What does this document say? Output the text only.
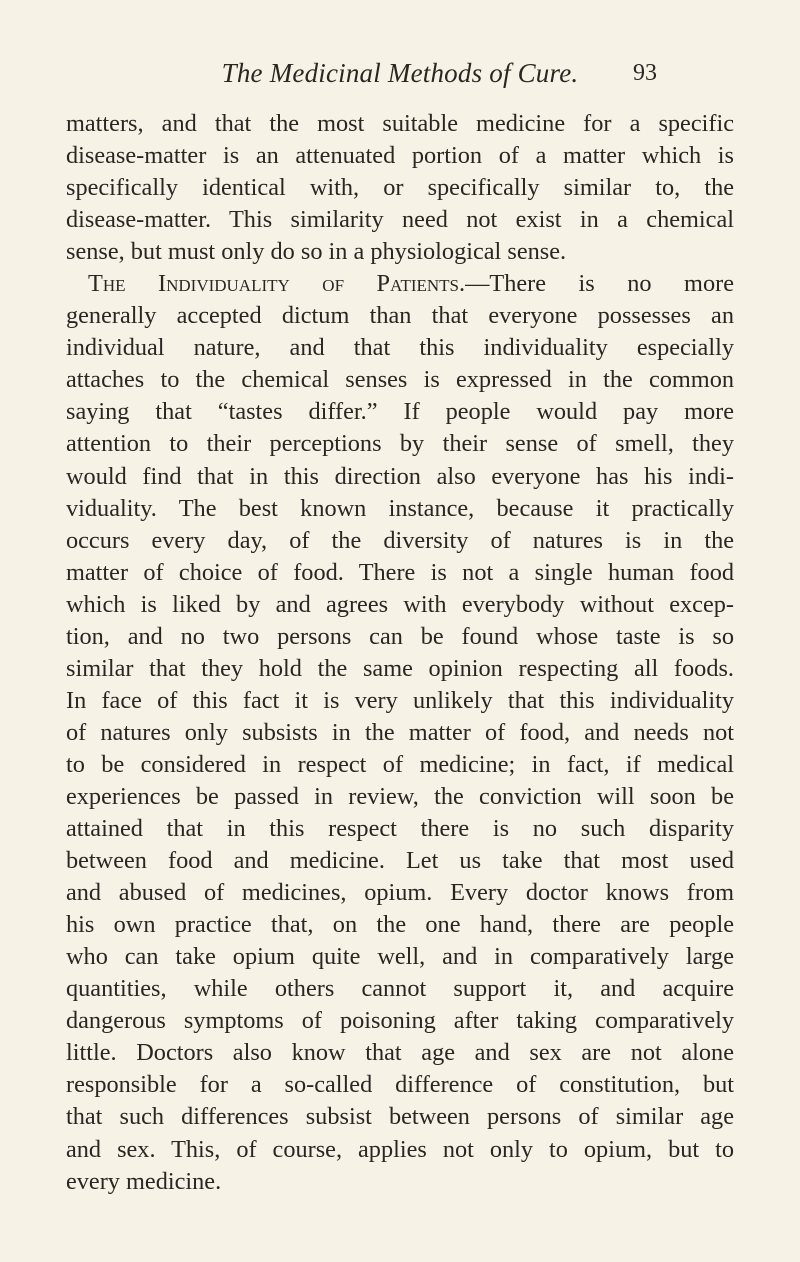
The Medicinal Methods of Cure.	93
matters, and that the most suitable medicine for a specific
disease-matter is an attenuated portion of a matter which is
specifically identical with, or specifically similar to, the
disease-matter. This similarity need not exist in a chemical
sense, but must only do so in a physiological sense.
The Individuality of Patients.—There is no more
generally accepted dictum than that everyone possesses an
individual nature, and that this individuality especially
attaches to the chemical senses is expressed in the common
saying that “tastes differ.” If people would pay more
attention to their perceptions by their sense of smell, they
would find that in this direction also everyone has his indi-
viduality. The best known instance, because it practically
occurs every day, of the diversity of natures is in the
matter of choice of food. There is not a single human food
which is liked by and agrees with everybody without excep-
tion, and no two persons can be found whose taste is so
similar that they hold the same opinion respecting all foods.
In face of this fact it is very unlikely that this individuality
of natures only subsists in the matter of food, and needs not
to be considered in respect of medicine; in fact, if medical
experiences be passed in review, the conviction will soon be
attained that in this respect there is no such disparity
between food and medicine. Let us take that most used
and abused of medicines, opium. Every doctor knows from
his own practice that, on the one hand, there are people
who can take opium quite well, and in comparatively large
quantities, while others cannot support it, and acquire
dangerous symptoms of poisoning after taking comparatively
little. Doctors also know that age and sex are not alone
responsible for a so-called difference of constitution, but
that such differences subsist between persons of similar age
and sex. This, of course, applies not only to opium, but to
every medicine.
